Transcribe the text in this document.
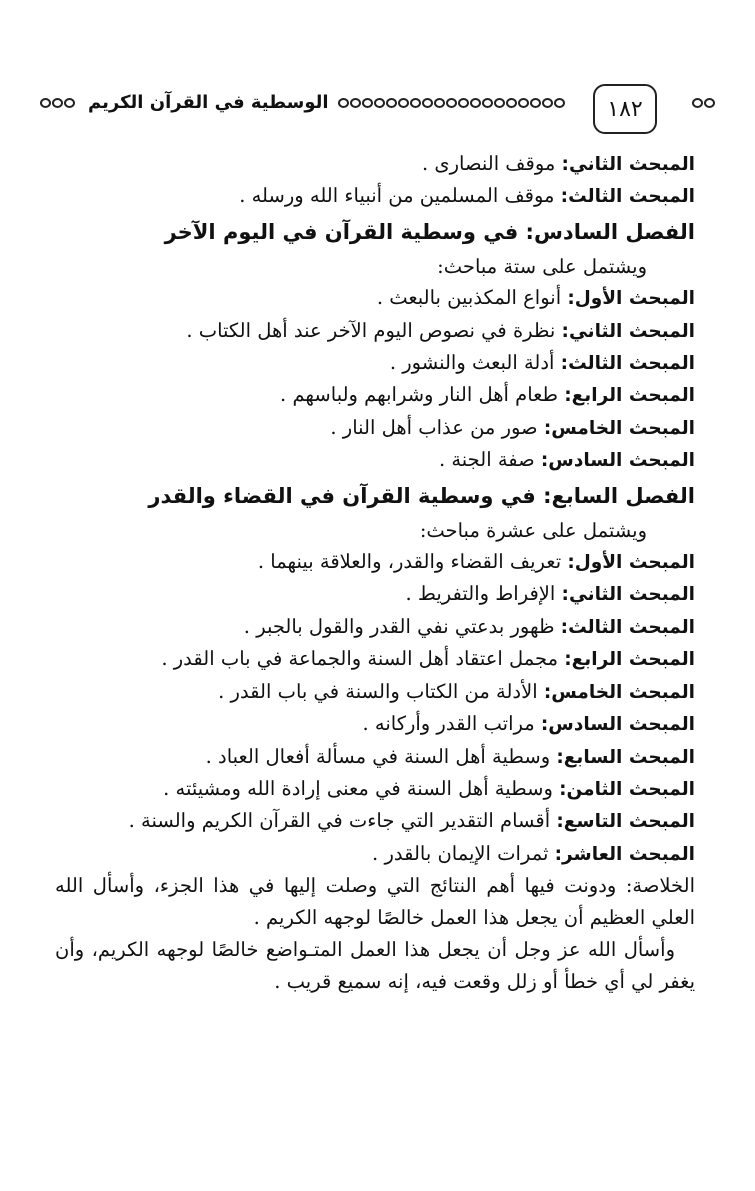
١٨٢
الوسطية في القرآن الكريم
المبحث الثاني: موقف النصارى .
المبحث الثالث: موقف المسلمين من أنبياء الله ورسله .
الفصل السادس: في وسطية القرآن في اليوم الآخر
ويشتمل على ستة مباحث:
المبحث الأول: أنواع المكذبين بالبعث .
المبحث الثاني: نظرة في نصوص اليوم الآخر عند أهل الكتاب .
المبحث الثالث: أدلة البعث والنشور .
المبحث الرابع: طعام أهل النار وشرابهم ولباسهم .
المبحث الخامس: صور من عذاب أهل النار .
المبحث السادس: صفة الجنة .
الفصل السابع: في وسطية القرآن في القضاء والقدر
ويشتمل على عشرة مباحث:
المبحث الأول: تعريف القضاء والقدر، والعلاقة بينهما .
المبحث الثاني: الإفراط والتفريط .
المبحث الثالث: ظهور بدعتي نفي القدر والقول بالجبر .
المبحث الرابع: مجمل اعتقاد أهل السنة والجماعة في باب القدر .
المبحث الخامس: الأدلة من الكتاب والسنة في باب القدر .
المبحث السادس: مراتب القدر وأركانه .
المبحث السابع: وسطية أهل السنة في مسألة أفعال العباد .
المبحث الثامن: وسطية أهل السنة في معنى إرادة الله ومشيئته .
المبحث التاسع: أقسام التقدير التي جاءت في القرآن الكريم والسنة .
المبحث العاشر: ثمرات الإيمان بالقدر .
الخلاصة: ودونت فيها أهم النتائج التي وصلت إليها في هذا الجزء، وأسأل الله العلي العظيم أن يجعل هذا العمل خالصًا لوجهه الكريم .
وأسأل الله عز وجل أن يجعل هذا العمل المتـواضع خالصًا لوجهه الكريم، وأن يغفر لي أي خطأ أو زلل وقعت فيه، إنه سميع قريب .
